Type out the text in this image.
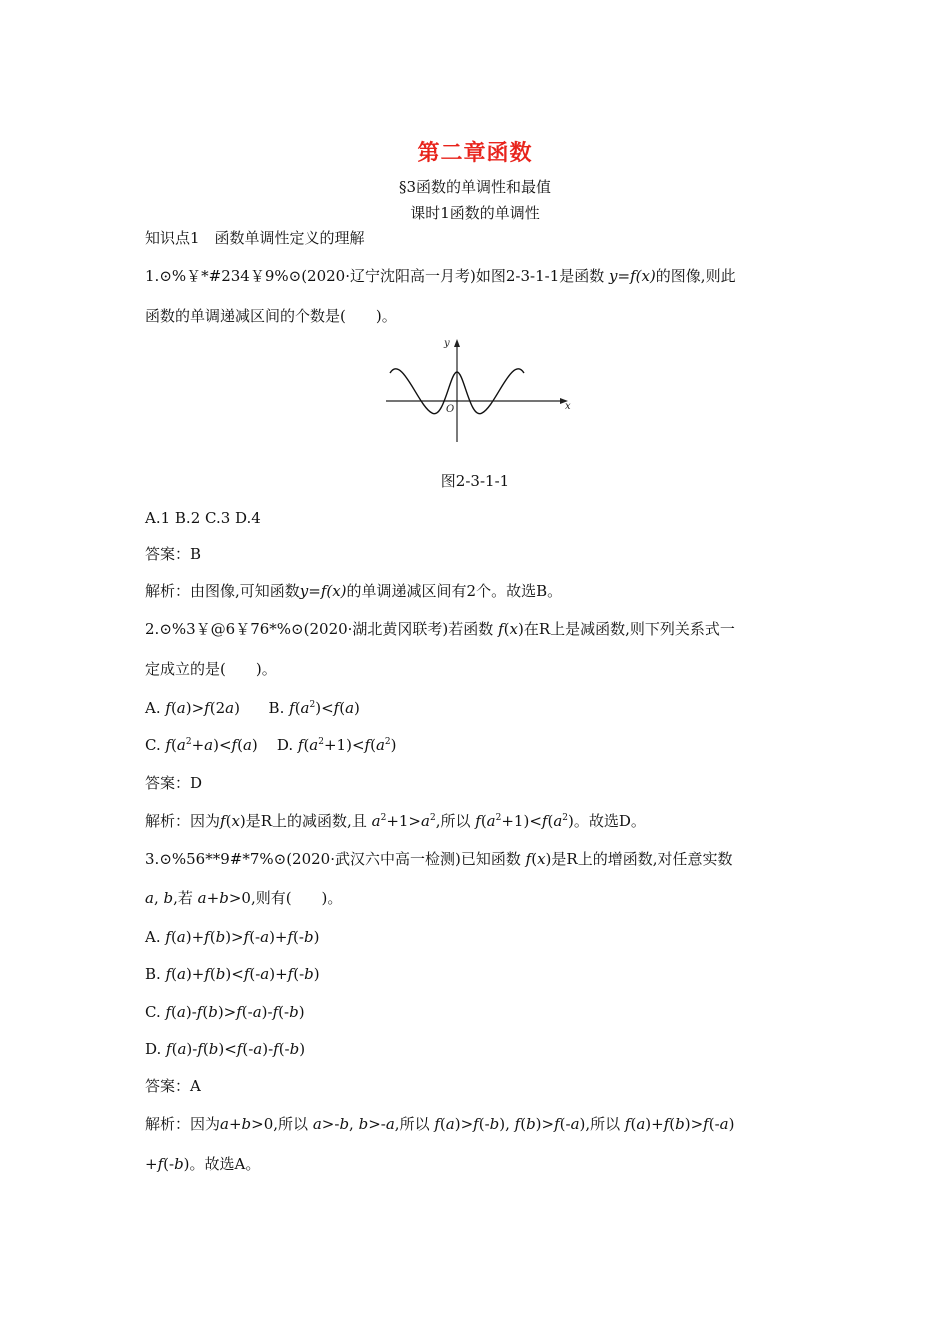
第二章函数
§3函数的单调性和最值
课时1函数的单调性
知识点1　函数单调性定义的理解
1.⊙%￥*#234￥9%⊙(2020·辽宁沈阳高一月考)如图2-3-1-1是函数 y=f(x)的图像,则此
函数的单调递减区间的个数是(　　)。
y
x
O
图2-3-1-1
A.1 B.2 C.3 D.4
答案：B
解析：由图像,可知函数y=f(x)的单调递减区间有2个。故选B。
2.⊙%3￥@6￥76*%⊙(2020·湖北黄冈联考)若函数 f(x)在R上是减函数,则下列关系式一
定成立的是(　　)。
A. f(a)>f(2a)      B. $f(a^2)<f(a)$
C. $f(a^2+a)<f(a)$    D. $f(a^2+1)<f(a^2)$
答案：D
解析：因为f(x)是R上的减函数,且 $a^2+1>a^2$,所以 $f(a^2+1)<f(a^2)$。故选D。
3.⊙%56**9#*7%⊙(2020·武汉六中高一检测)已知函数 f(x)是R上的增函数,对任意实数
a, b,若 a+b>0,则有(　　)。
A. f(a)+f(b)>f(-a)+f(-b)
B. f(a)+f(b)<f(-a)+f(-b)
C. f(a)-f(b)>f(-a)-f(-b)
D. f(a)-f(b)<f(-a)-f(-b)
答案：A
解析：因为a+b>0,所以 a>-b, b>-a,所以 f(a)>f(-b), f(b)>f(-a),所以 f(a)+f(b)>f(-a)
+f(-b)。故选A。
